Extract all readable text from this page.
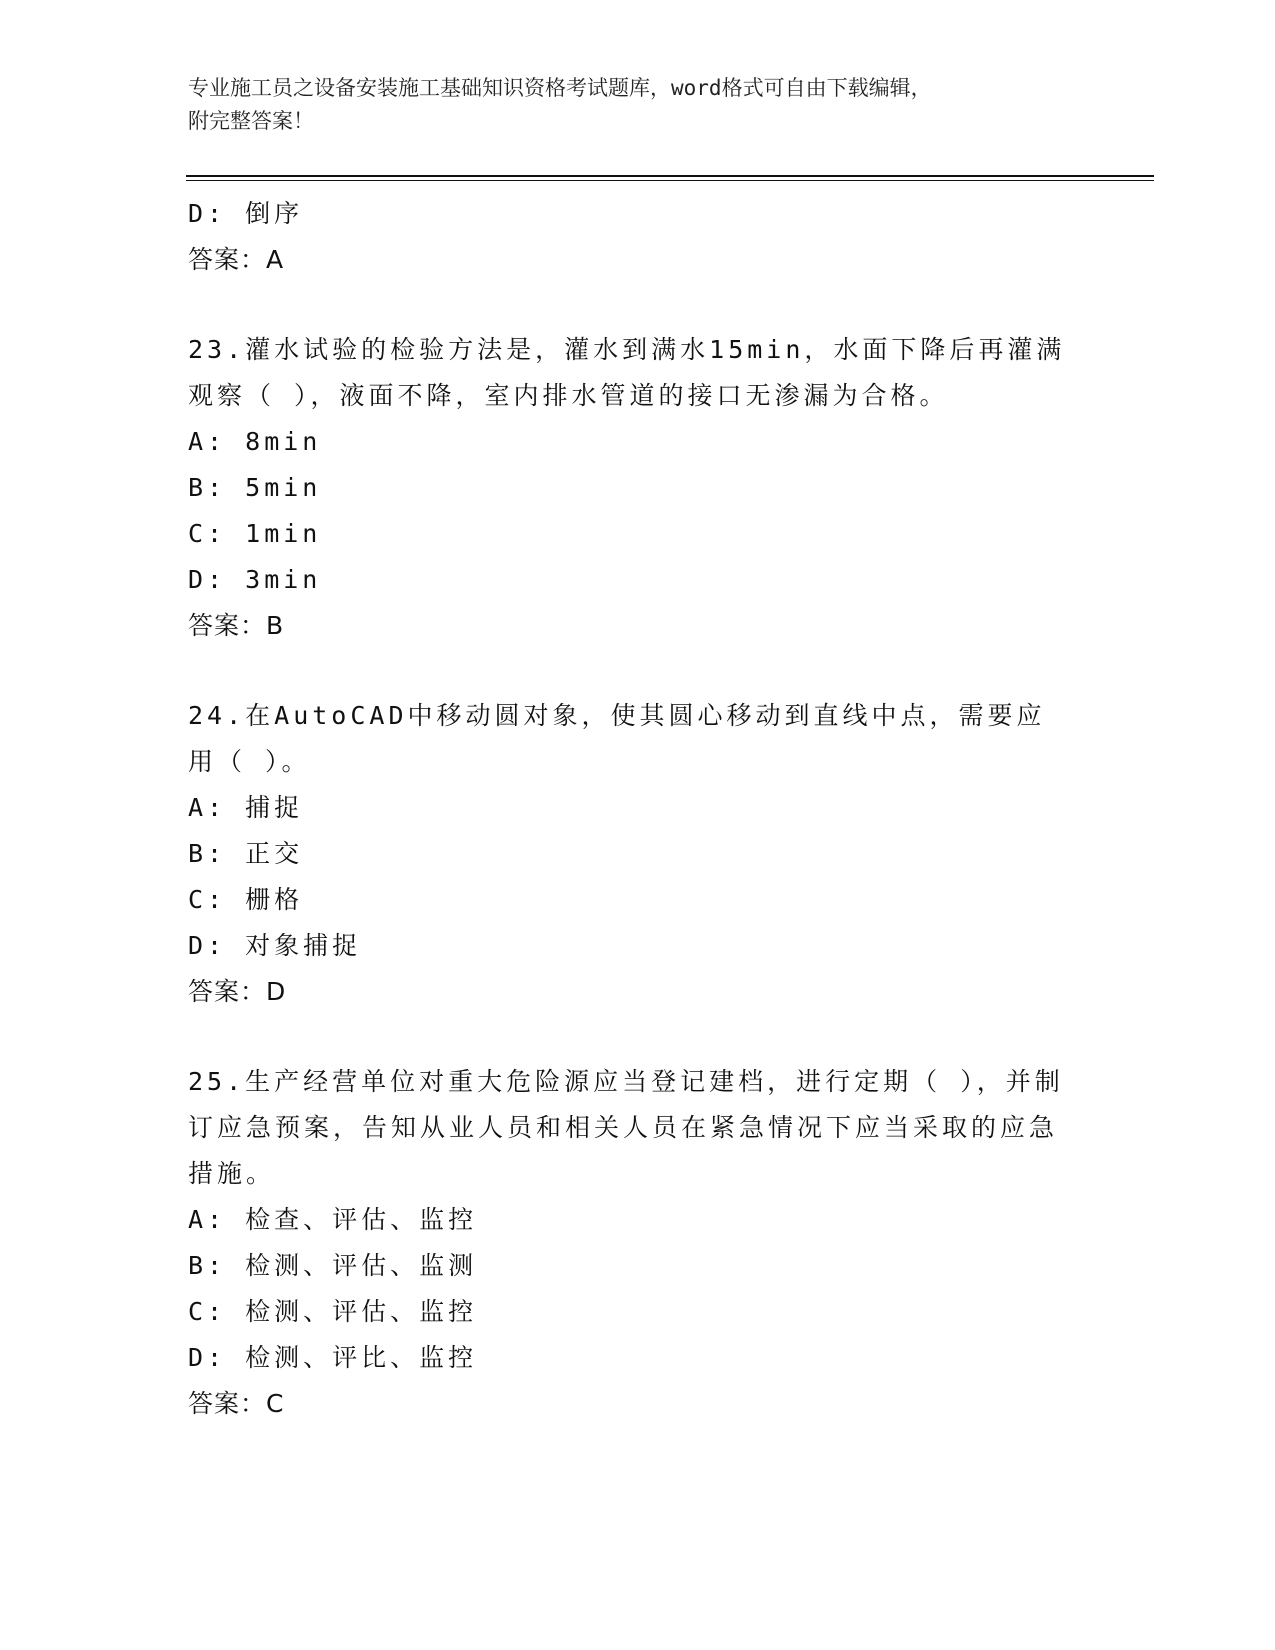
专业施工员之设备安装施工基础知识资格考试题库，word格式可自由下载编辑，
附完整答案！
D: 倒序
答案：A
23.灌水试验的检验方法是，灌水到满水15min，水面下降后再灌满观察（ ），液面不降，室内排水管道的接口无渗漏为合格。
A: 8min
B: 5min
C: 1min
D: 3min
答案：B
24.在AutoCAD中移动圆对象，使其圆心移动到直线中点，需要应用（ ）。
A: 捕捉
B: 正交
C: 栅格
D: 对象捕捉
答案：D
25.生产经营单位对重大危险源应当登记建档，进行定期（ ），并制订应急预案，告知从业人员和相关人员在紧急情况下应当采取的应急措施。
A: 检查、评估、监控
B: 检测、评估、监测
C: 检测、评估、监控
D: 检测、评比、监控
答案：C
